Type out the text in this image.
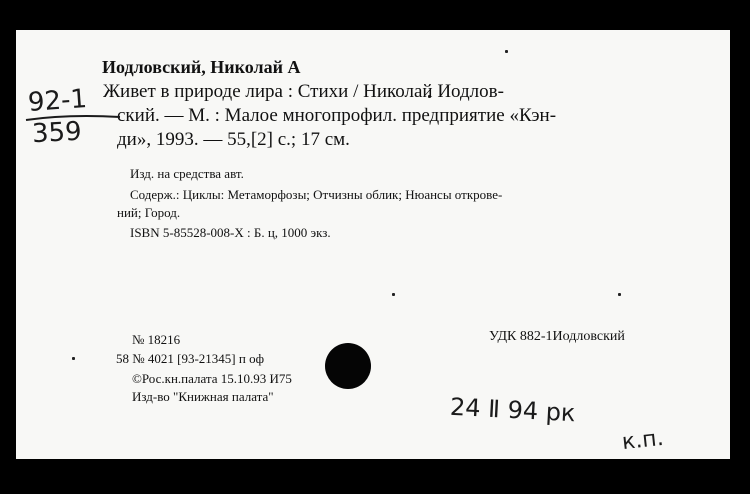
Иодловский, Николай А
Живет в природе лира : Стихи / Николай Иодлов-
ский. — М. : Малое многопрофил. предприятие «Кэн-
ди», 1993. — 55,[2] с.; 17 см.
Изд. на средства авт.
Содерж.: Циклы: Метаморфозы; Отчизны облик; Нюансы открове-
ний; Город.
ISBN 5-85528-008-X : Б. ц, 1000 экз.
№ 18216	УДК 882-1Иодловский
58 № 4021 [93-21345] п оф
©Рос.кн.палата 15.10.93 И75
Изд-во "Книжная палата"
92-1
359
24 Ⅱ 94 рк
к.п.
